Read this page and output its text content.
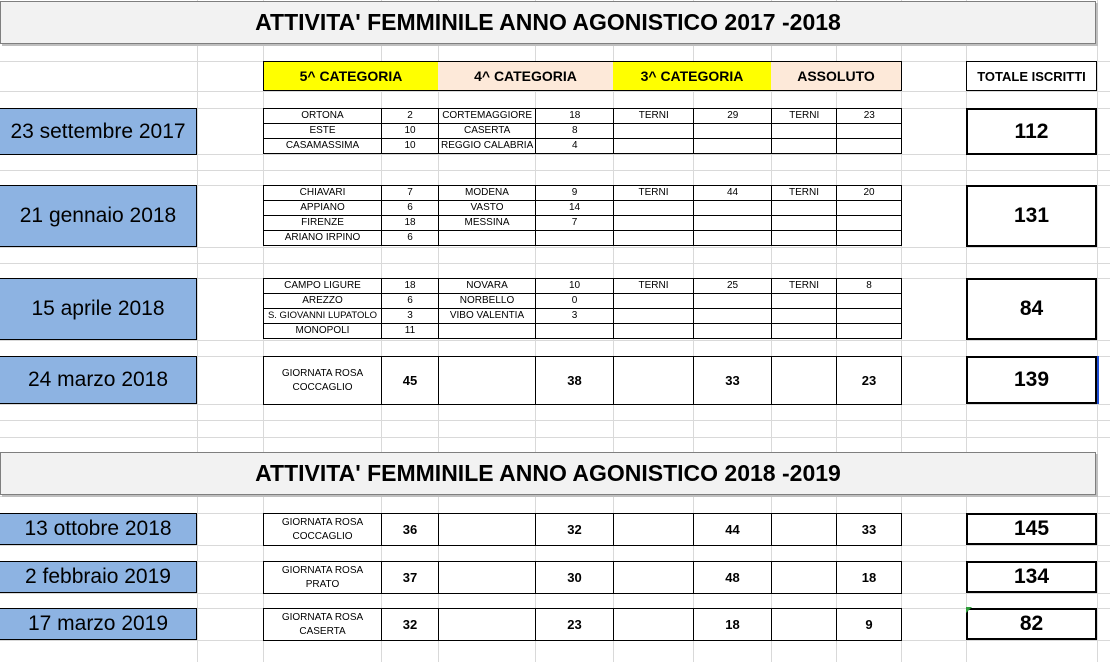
ATTIVITA' FEMMINILE ANNO AGONISTICO 2017 -2018
5^ CATEGORIA	4^ CATEGORIA	3^ CATEGORIA	ASSOLUTO	TOTALE ISCRITTI
23 settembre 2017
ORTONA	2	CORTEMAGGIORE	18	TERNI	29	TERNI	23
ESTE	10	CASERTA	8				
CASAMASSIMA	10	REGGIO CALABRIA	4				
112
21 gennaio 2018
CHIAVARI	7	MODENA	9	TERNI	44	TERNI	20
APPIANO	6	VASTO	14				
FIRENZE	18	MESSINA	7				
ARIANO IRPINO	6						
131
15 aprile 2018
CAMPO LIGURE	18	NOVARA	10	TERNI	25	TERNI	8
AREZZO	6	NORBELLO	0				
S. GIOVANNI LUPATOLO	3	VIBO VALENTIA	3				
MONOPOLI	11						
84
24 marzo 2018	GIORNATA ROSA
COCCAGLIO	45		38		33		23	139
ATTIVITA' FEMMINILE ANNO AGONISTICO 2018 -2019
13 ottobre 2018	GIORNATA ROSA
COCCAGLIO	36		32		44		33	145
2 febbraio 2019	GIORNATA ROSA
PRATO	37		30		48		18	134
17 marzo 2019	GIORNATA ROSA
CASERTA	32		23		18		9	82
